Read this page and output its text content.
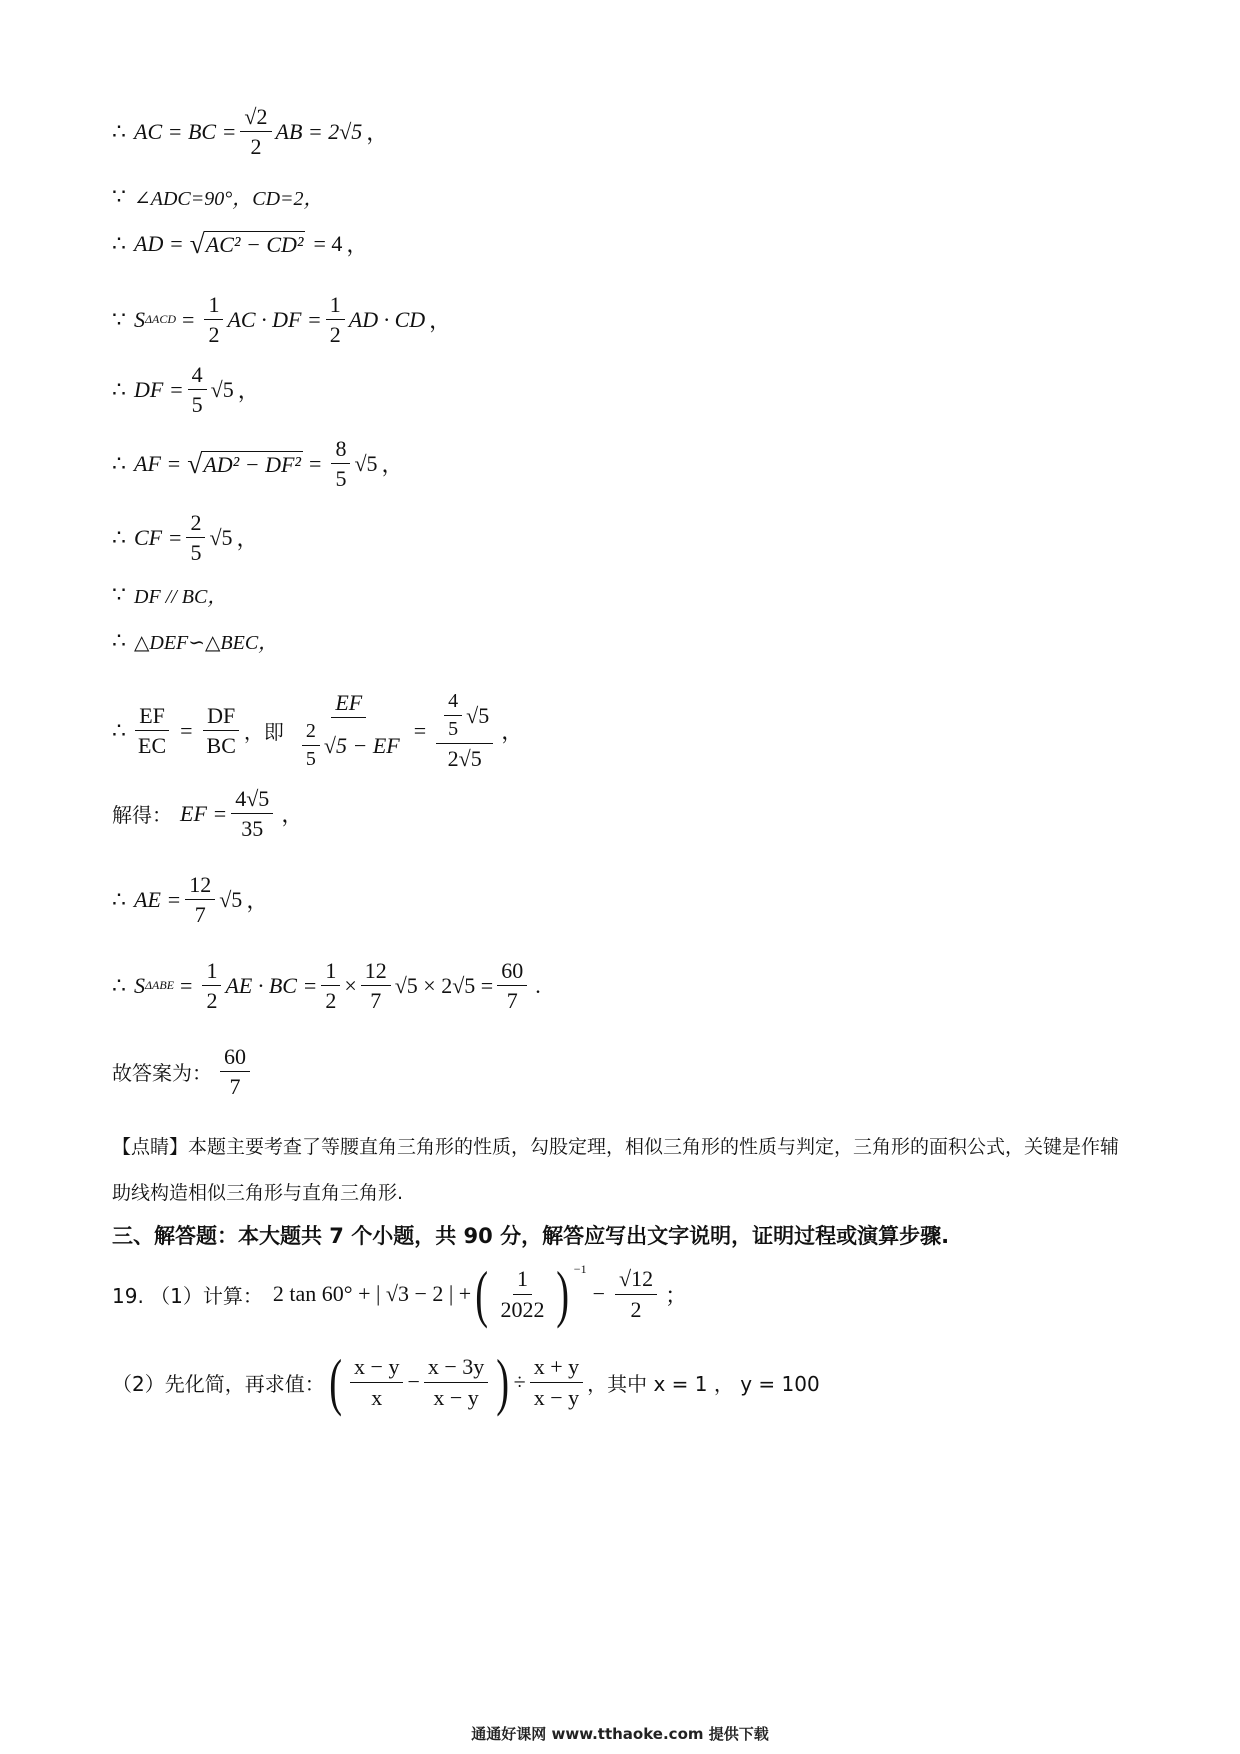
∴ AC = BC = $\frac{√2}{2}$ AB = 2√5 ，
∵ ∠ADC=90°，CD=2，
∴ AD = √ AC² − CD² = 4 ，
∵ S $\Delta ACD = \frac{1}{2}$ AC · DF = $\frac{1}{2}$ AD · CD ，
∴ DF = $\frac{4}{5} √5$ ，
∴ AF = √ $AD^2 - DF^2 = \frac{8}{5} √5$ ，
∴ CF = $\frac{2}{5} √5$ ，
∵ DF // BC，
∴ △DEF∽△BEC，
∴ $\frac{EF}{EC} = \frac{DF}{BC}$ ，即 $\frac{EF}{\frac{2}{5} √5 - EF} = \frac{\frac{4}{5} √5}{2√5}$ ，
解得： EF = $\frac{4√5}{35}$ ，
∴ AE = $\frac{12}{7} √5$ ，
∴ S $\Delta ABE = \frac{1}{2}$ AE · BC = $\frac{1}{2} \times \frac{12}{7} √5 \times 2√5 = \frac{60}{7}$ .
故答案为： $\frac{60}{7}$
【点睛】本题主要考查了等腰直角三角形的性质，勾股定理，相似三角形的性质与判定，三角形的面积公式，关键是作辅助线构造相似三角形与直角三角形.
三、解答题：本大题共 7 个小题，共 90 分，解答应写出文字说明，证明过程或演算步骤.
19. （1）计算： 2 tan 60° + | √3 − 2 | + ( $\frac{1}{2022}$ ) $^{-1}$
− $\frac{√12}{2}$ ；
（2）先化简，再求值： ( $\frac{x - y}{x} - \frac{x - 3y}{x - y}$ ) ÷ $\frac{x + y}{x - y}$ ，其中 x = 1 ， y = 100
通通好课网 www.tthaoke.com 提供下载
